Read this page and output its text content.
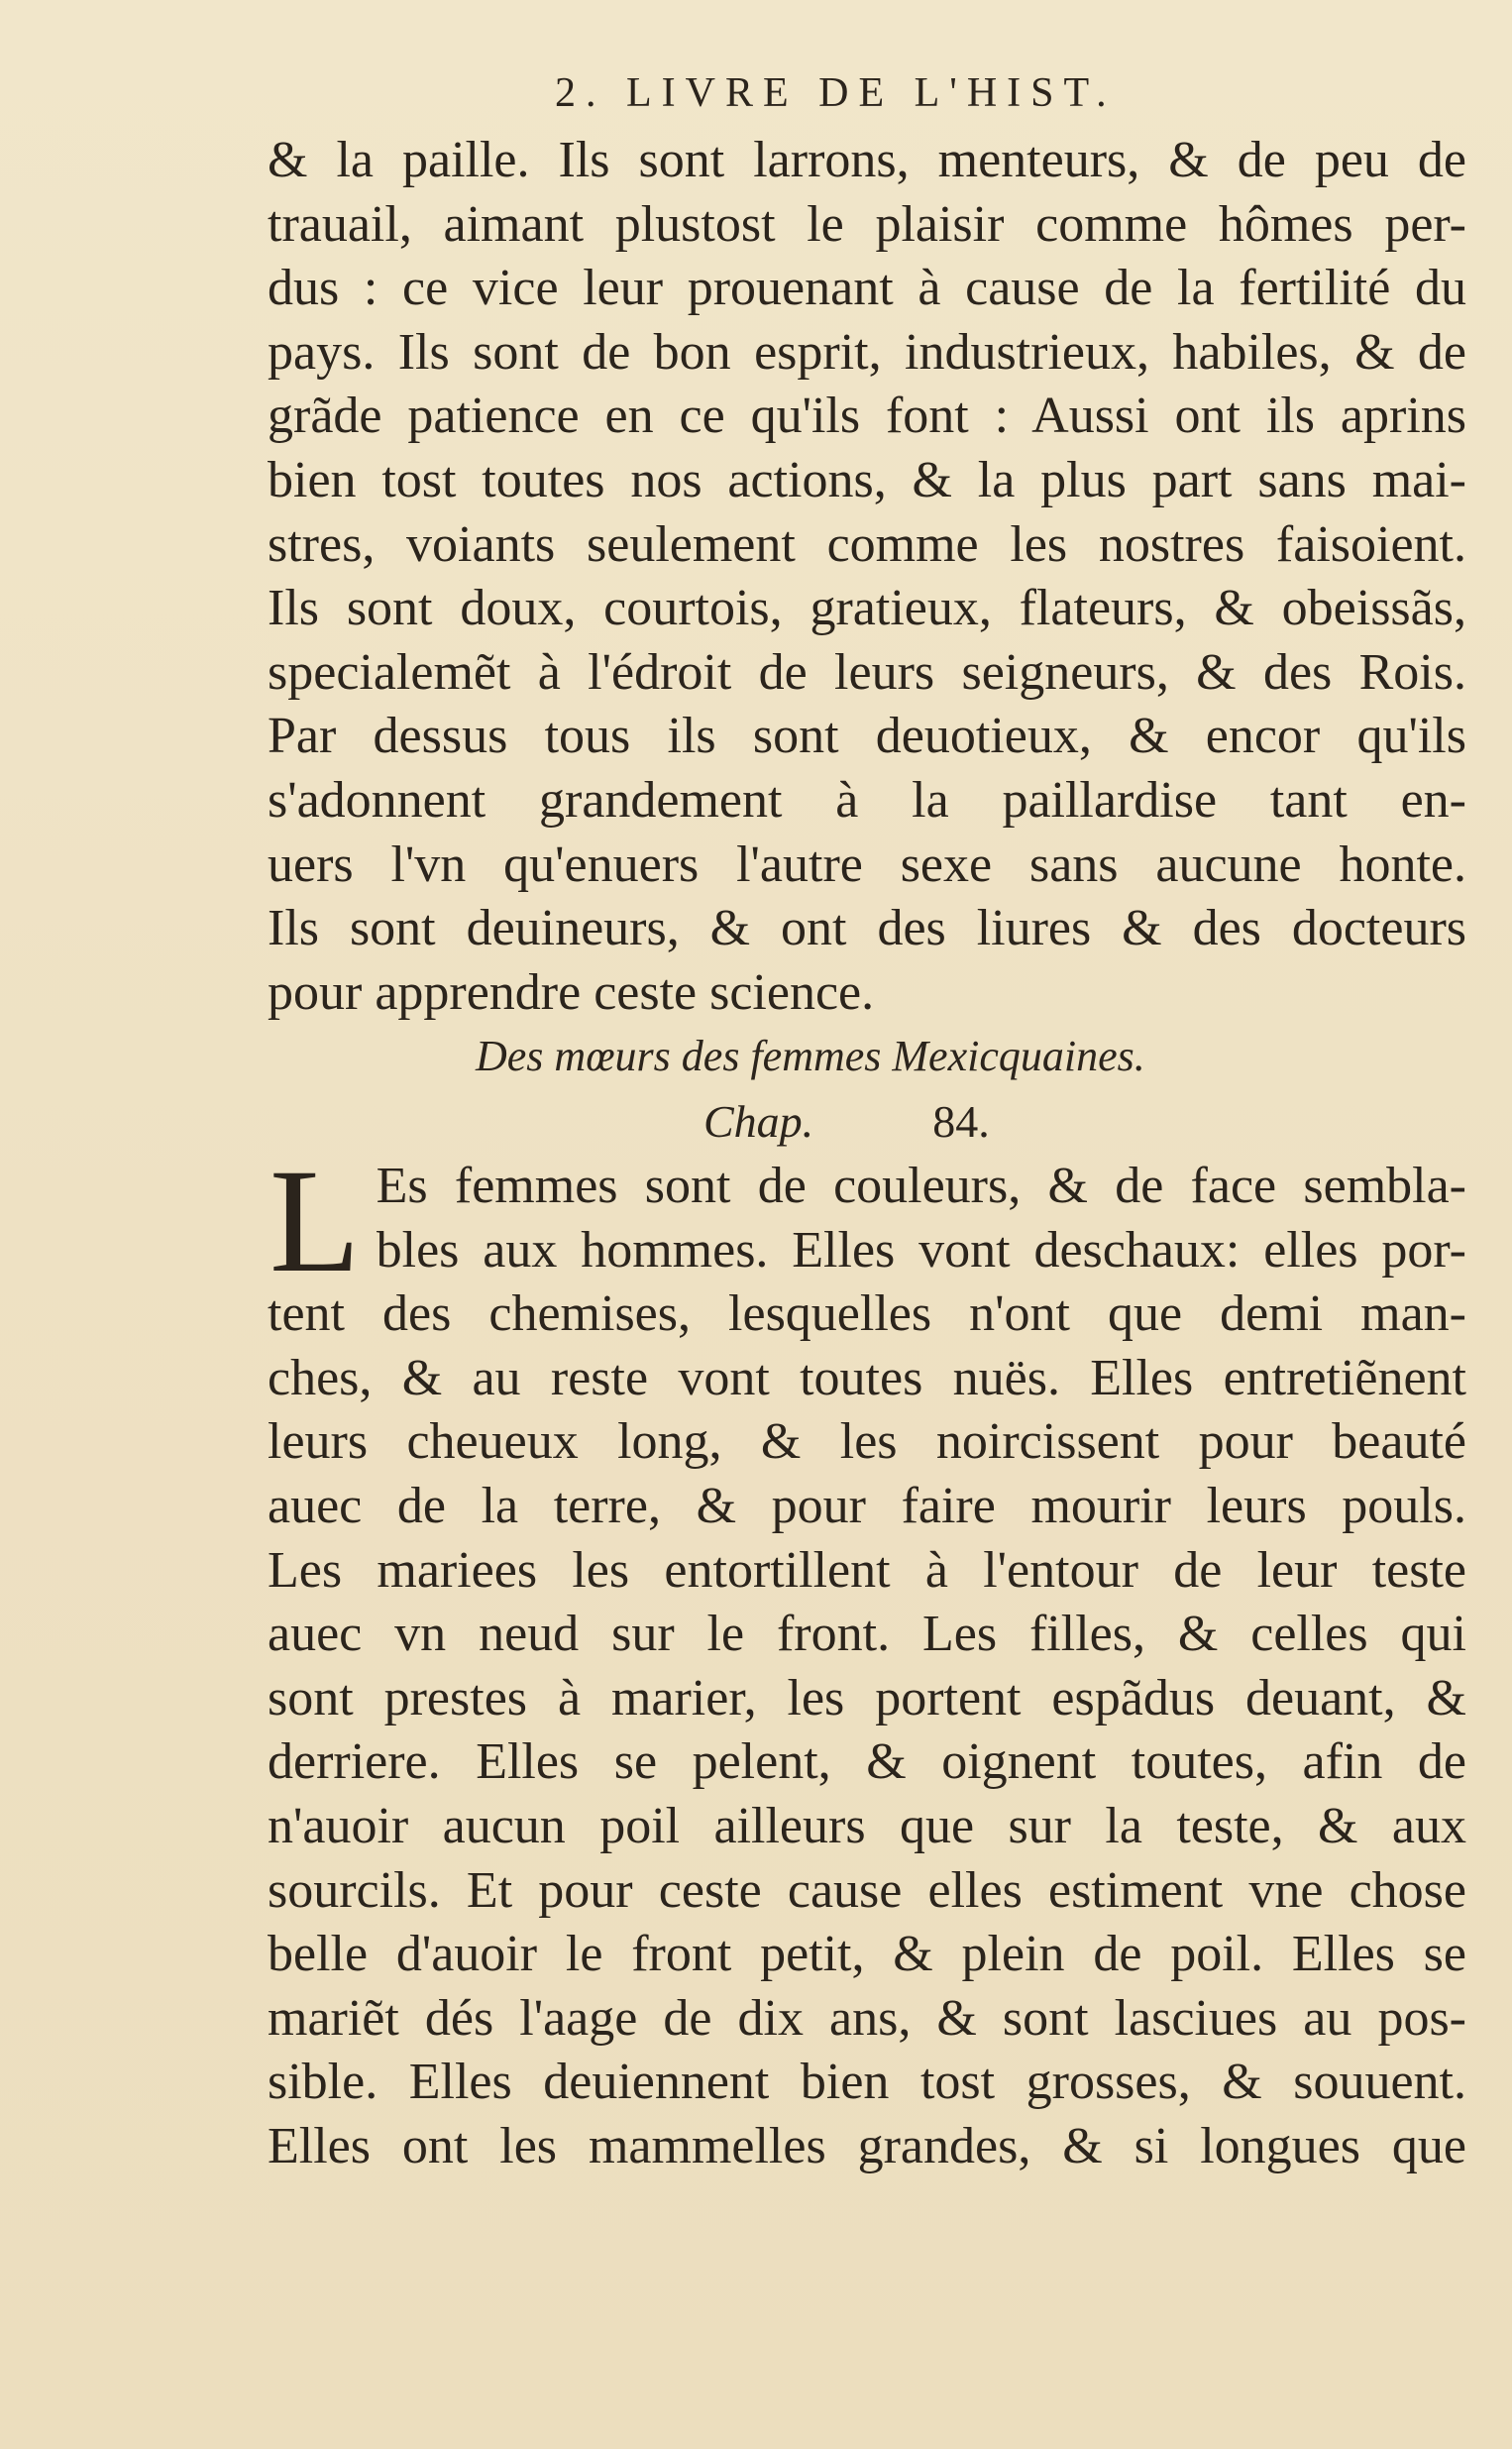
2. LIVRE DE L'HIST.
& la paille. Ils sont larrons, menteurs, & de peu de
trauail, aimant plustost le plaisir comme hômes per-
dus : ce vice leur prouenant à cause de la fertilité du
pays. Ils sont de bon esprit, industrieux, habiles, & de
grãde patience en ce qu'ils font : Aussi ont ils aprins
bien tost toutes nos actions, & la plus part sans mai-
stres, voiants seulement comme les nostres faisoient.
Ils sont doux, courtois, gratieux, flateurs, & obeissãs,
specialemẽt à l'édroit de leurs seigneurs, & des Rois.
Par dessus tous ils sont deuotieux, & encor qu'ils
s'adonnent grandement à la paillardise tant en-
uers l'vn qu'enuers l'autre sexe sans aucune honte.
Ils sont deuineurs, & ont des liures & des docteurs
pour apprendre ceste science.
Des mœurs des femmes Mexicquaines.
Chap.	84.
L Es femmes sont de couleurs, & de face sembla-
bles aux hommes. Elles vont deschaux: elles por-
tent des chemises, lesquelles n'ont que demi man-
ches, & au reste vont toutes nuës. Elles entretiẽnent
leurs cheueux long, & les noircissent pour beauté
auec de la terre, & pour faire mourir leurs pouls.
Les mariees les entortillent à l'entour de leur teste
auec vn neud sur le front. Les filles, & celles qui
sont prestes à marier, les portent espãdus deuant, &
derriere. Elles se pelent, & oignent toutes, afin de
n'auoir aucun poil ailleurs que sur la teste, & aux
sourcils. Et pour ceste cause elles estiment vne chose
belle d'auoir le front petit, & plein de poil. Elles se
mariẽt dés l'aage de dix ans, & sont lasciues au pos-
sible. Elles deuiennent bien tost grosses, & souuent.
Elles ont les mammelles grandes, & si longues que
